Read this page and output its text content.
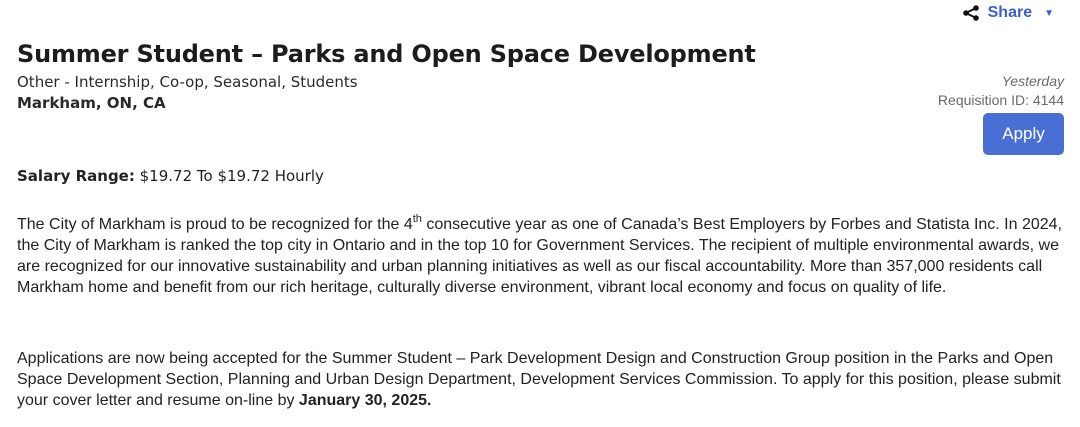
Share ▼
Summer Student – Parks and Open Space Development
Other - Internship, Co-op, Seasonal, Students
Markham, ON, CA
Yesterday
Requisition ID: 4144
Apply
Salary Range: $19.72 To $19.72 Hourly

The City of Markham is proud to be recognized for the 4th consecutive year as one of Canada’s Best Employers by Forbes and Statista Inc. In 2024, the City of Markham is ranked the top city in Ontario and in the top 10 for Government Services. The recipient of multiple environmental awards, we are recognized for our innovative sustainability and urban planning initiatives as well as our fiscal accountability. More than 357,000 residents call Markham home and benefit from our rich heritage, culturally diverse environment, vibrant local economy and focus on quality of life.

Applications are now being accepted for the Summer Student – Park Development Design and Construction Group position in the Parks and Open Space Development Section, Planning and Urban Design Department, Development Services Commission. To apply for this position, please submit your cover letter and resume on-line by January 30, 2025.
